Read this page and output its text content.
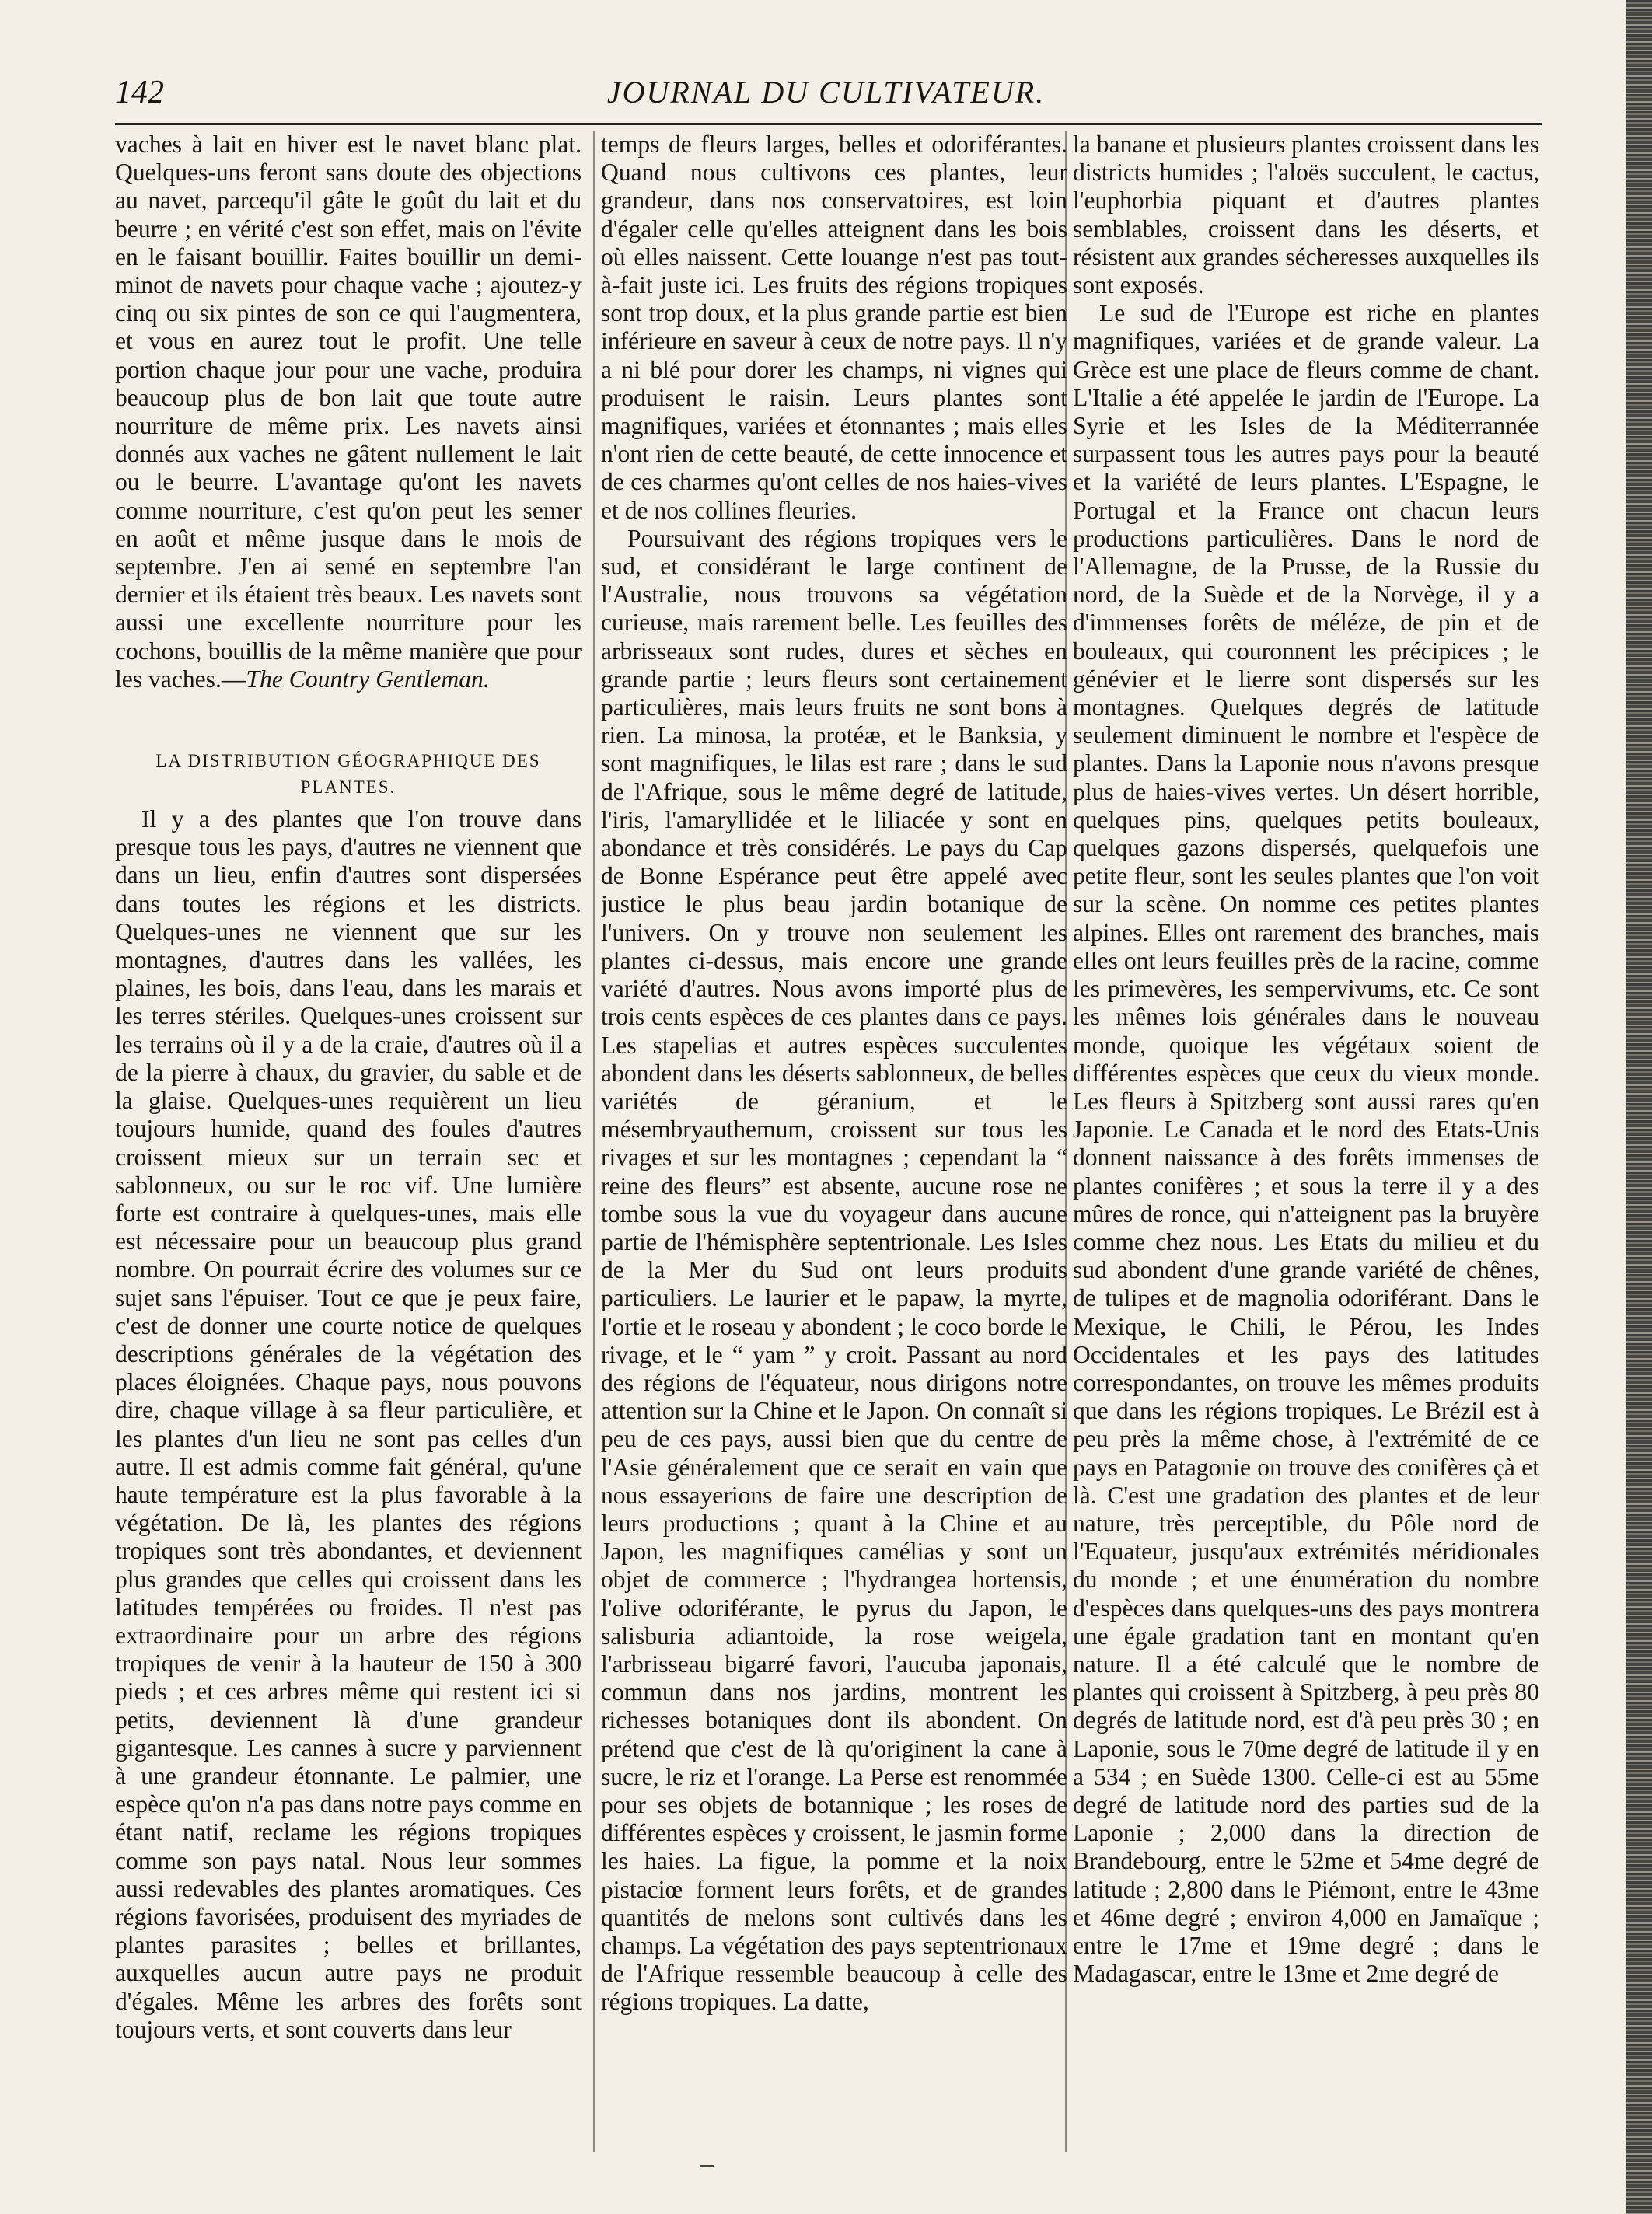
142	JOURNAL DU CULTIVATEUR.

vaches à lait en hiver est le navet blanc plat. Quelques-uns feront sans doute des objections au navet, parcequ'il gâte le goût du lait et du beurre ; en vérité c'est son effet, mais on l'évite en le faisant bouillir. Faites bouillir un demi-minot de navets pour chaque vache ; ajoutez-y cinq ou six pintes de son ce qui l'augmentera, et vous en aurez tout le profit. Une telle portion chaque jour pour une vache, produira beaucoup plus de bon lait que toute autre nourriture de même prix. Les navets ainsi donnés aux vaches ne gâtent nullement le lait ou le beurre. L'avantage qu'ont les navets comme nourriture, c'est qu'on peut les semer en août et même jusque dans le mois de septembre. J'en ai semé en septembre l'an dernier et ils étaient très beaux. Les navets sont aussi une excellente nourriture pour les cochons, bouillis de la même manière que pour les vaches.—The Country Gentleman.

LA DISTRIBUTION GÉOGRAPHIQUE DES PLANTES.

Il y a des plantes que l'on trouve dans presque tous les pays, d'autres ne viennent que dans un lieu, enfin d'autres sont dispersées dans toutes les régions et les districts. Quelques-unes ne viennent que sur les montagnes, d'autres dans les vallées, les plaines, les bois, dans l'eau, dans les marais et les terres stériles. Quelques-unes croissent sur les terrains où il y a de la craie, d'autres où il a de la pierre à chaux, du gravier, du sable et de la glaise. Quelques-unes requièrent un lieu toujours humide, quand des foules d'autres croissent mieux sur un terrain sec et sablonneux, ou sur le roc vif. Une lumière forte est contraire à quelques-unes, mais elle est nécessaire pour un beaucoup plus grand nombre. On pourrait écrire des volumes sur ce sujet sans l'épuiser. Tout ce que je peux faire, c'est de donner une courte notice de quelques descriptions générales de la végétation des places éloignées. Chaque pays, nous pouvons dire, chaque village à sa fleur particulière, et les plantes d'un lieu ne sont pas celles d'un autre. Il est admis comme fait général, qu'une haute température est la plus favorable à la végétation. De là, les plantes des régions tropiques sont très abondantes, et deviennent plus grandes que celles qui croissent dans les latitudes tempérées ou froides. Il n'est pas extraordinaire pour un arbre des régions tropiques de venir à la hauteur de 150 à 300 pieds ; et ces arbres même qui restent ici si petits, deviennent là d'une grandeur gigantesque. Les cannes à sucre y parviennent à une grandeur étonnante. Le palmier, une espèce qu'on n'a pas dans notre pays comme en étant natif, reclame les régions tropiques comme son pays natal. Nous leur sommes aussi redevables des plantes aromatiques. Ces régions favorisées, produisent des myriades de plantes parasites ; belles et brillantes, auxquelles aucun autre pays ne produit d'égales. Même les arbres des forêts sont toujours verts, et sont couverts dans leur

temps de fleurs larges, belles et odoriférantes. Quand nous cultivons ces plantes, leur grandeur, dans nos conservatoires, est loin d'égaler celle qu'elles atteignent dans les bois où elles naissent. Cette louange n'est pas tout-à-fait juste ici. Les fruits des régions tropiques sont trop doux, et la plus grande partie est bien inférieure en saveur à ceux de notre pays. Il n'y a ni blé pour dorer les champs, ni vignes qui produisent le raisin. Leurs plantes sont magnifiques, variées et étonnantes ; mais elles n'ont rien de cette beauté, de cette innocence et de ces charmes qu'ont celles de nos haies-vives et de nos collines fleuries.

Poursuivant des régions tropiques vers le sud, et considérant le large continent de l'Australie, nous trouvons sa végétation curieuse, mais rarement belle. Les feuilles des arbrisseaux sont rudes, dures et sèches en grande partie ; leurs fleurs sont certainement particulières, mais leurs fruits ne sont bons à rien. La minosa, la protéæ, et le Banksia, y sont magnifiques, le lilas est rare ; dans le sud de l'Afrique, sous le même degré de latitude, l'iris, l'amaryllidée et le liliacée y sont en abondance et très considérés. Le pays du Cap de Bonne Espérance peut être appelé avec justice le plus beau jardin botanique de l'univers. On y trouve non seulement les plantes ci-dessus, mais encore une grande variété d'autres. Nous avons importé plus de trois cents espèces de ces plantes dans ce pays. Les stapelias et autres espèces succulentes abondent dans les déserts sablonneux, de belles variétés de géranium, et le mésembryauthemum, croissent sur tous les rivages et sur les montagnes ; cependant la “ reine des fleurs” est absente, aucune rose ne tombe sous la vue du voyageur dans aucune partie de l'hémisphère septentrionale. Les Isles de la Mer du Sud ont leurs produits particuliers. Le laurier et le papaw, la myrte, l'ortie et le roseau y abondent ; le coco borde le rivage, et le “ yam ” y croit. Passant au nord des régions de l'équateur, nous dirigons notre attention sur la Chine et le Japon. On connaît si peu de ces pays, aussi bien que du centre de l'Asie généralement que ce serait en vain que nous essayerions de faire une description de leurs productions ; quant à la Chine et au Japon, les magnifiques camélias y sont un objet de commerce ; l'hydrangea hortensis, l'olive odoriférante, le pyrus du Japon, le salisburia adiantoide, la rose weigela, l'arbrisseau bigarré favori, l'aucuba japonais, commun dans nos jardins, montrent les richesses botaniques dont ils abondent. On prétend que c'est de là qu'originent la cane à sucre, le riz et l'orange. La Perse est renommée pour ses objets de botannique ; les roses de différentes espèces y croissent, le jasmin forme les haies. La figue, la pomme et la noix pistaciœ forment leurs forêts, et de grandes quantités de melons sont cultivés dans les champs. La végétation des pays septentrionaux de l'Afrique ressemble beaucoup à celle des régions tropiques. La datte,

la banane et plusieurs plantes croissent dans les districts humides ; l'aloës succulent, le cactus, l'euphorbia piquant et d'autres plantes semblables, croissent dans les déserts, et résistent aux grandes sécheresses auxquelles ils sont exposés.

Le sud de l'Europe est riche en plantes magnifiques, variées et de grande valeur. La Grèce est une place de fleurs comme de chant. L'Italie a été appelée le jardin de l'Europe. La Syrie et les Isles de la Méditerrannée surpassent tous les autres pays pour la beauté et la variété de leurs plantes. L'Espagne, le Portugal et la France ont chacun leurs productions particulières. Dans le nord de l'Allemagne, de la Prusse, de la Russie du nord, de la Suède et de la Norvège, il y a d'immenses forêts de méléze, de pin et de bouleaux, qui couronnent les précipices ; le génévier et le lierre sont dispersés sur les montagnes. Quelques degrés de latitude seulement diminuent le nombre et l'espèce de plantes. Dans la Laponie nous n'avons presque plus de haies-vives vertes. Un désert horrible, quelques pins, quelques petits bouleaux, quelques gazons dispersés, quelquefois une petite fleur, sont les seules plantes que l'on voit sur la scène. On nomme ces petites plantes alpines. Elles ont rarement des branches, mais elles ont leurs feuilles près de la racine, comme les primevères, les sempervivums, etc. Ce sont les mêmes lois générales dans le nouveau monde, quoique les végétaux soient de différentes espèces que ceux du vieux monde. Les fleurs à Spitzberg sont aussi rares qu'en Japonie. Le Canada et le nord des Etats-Unis donnent naissance à des forêts immenses de plantes conifères ; et sous la terre il y a des mûres de ronce, qui n'atteignent pas la bruyère comme chez nous. Les Etats du milieu et du sud abondent d'une grande variété de chênes, de tulipes et de magnolia odoriférant. Dans le Mexique, le Chili, le Pérou, les Indes Occidentales et les pays des latitudes correspondantes, on trouve les mêmes produits que dans les régions tropiques. Le Brézil est à peu près la même chose, à l'extrémité de ce pays en Patagonie on trouve des conifères çà et là. C'est une gradation des plantes et de leur nature, très perceptible, du Pôle nord de l'Equateur, jusqu'aux extrémités méridionales du monde ; et une énumération du nombre d'espèces dans quelques-uns des pays montrera une égale gradation tant en montant qu'en nature. Il a été calculé que le nombre de plantes qui croissent à Spitzberg, à peu près 80 degrés de latitude nord, est d'à peu près 30 ; en Laponie, sous le 70me degré de latitude il y en a 534 ; en Suède 1300. Celle-ci est au 55me degré de latitude nord des parties sud de la Laponie ; 2,000 dans la direction de Brandebourg, entre le 52me et 54me degré de latitude ; 2,800 dans le Piémont, entre le 43me et 46me degré ; environ 4,000 en Jamaïque ; entre le 17me et 19me degré ; dans le Madagascar, entre le 13me et 2me degré de
